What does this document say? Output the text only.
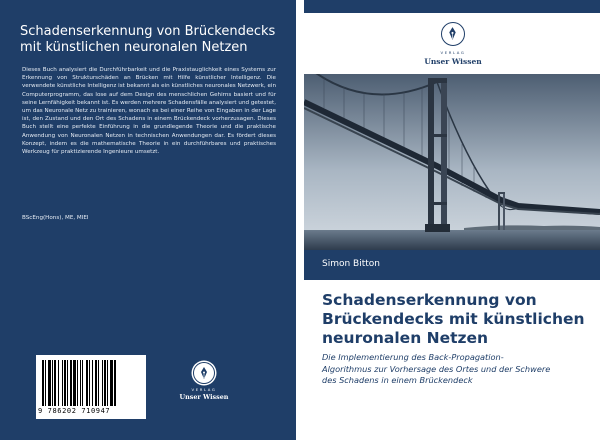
Schadenserkennung von Brückendecks
mit künstlichen neuronalen Netzen

Dieses Buch analysiert die Durchführbarkeit und die Praxistauglichkeit eines Systems zur Erkennung von Strukturschäden an Brücken mit Hilfe künstlicher Intelligenz. Die verwendete künstliche Intelligenz ist bekannt als ein künstliches neuronales Netzwerk, ein Computerprogramm, das lose auf dem Design des menschlichen Gehirns basiert und für seine Lernfähigkeit bekannt ist. Es werden mehrere Schadensfälle analysiert und getestet, um das Neuronale Netz zu trainieren, wonach es bei einer Reihe von Eingaben in der Lage ist, den Zustand und den Ort des Schadens in einem Brückendeck vorherzusagen. Dieses Buch stellt eine perfekte Einführung in die grundlegende Theorie und die praktische Anwendung von Neuronalen Netzen in technischen Anwendungen dar. Es fördert dieses Konzept, indem es die mathematische Theorie in ein durchführbares und praktisches Werkzeug für praktizierende Ingenieure umsetzt.

BScEng(Hons), ME, MIEI
9 786202 710947
VERLAG
Unser Wissen
VERLAG
Unser Wissen
Simon Bitton
Schadenserkennung von
Brückendecks mit künstlichen
neuronalen Netzen
Die Implementierung des Back-Propagation-
Algorithmus zur Vorhersage des Ortes und der Schwere
des Schadens in einem Brückendeck
